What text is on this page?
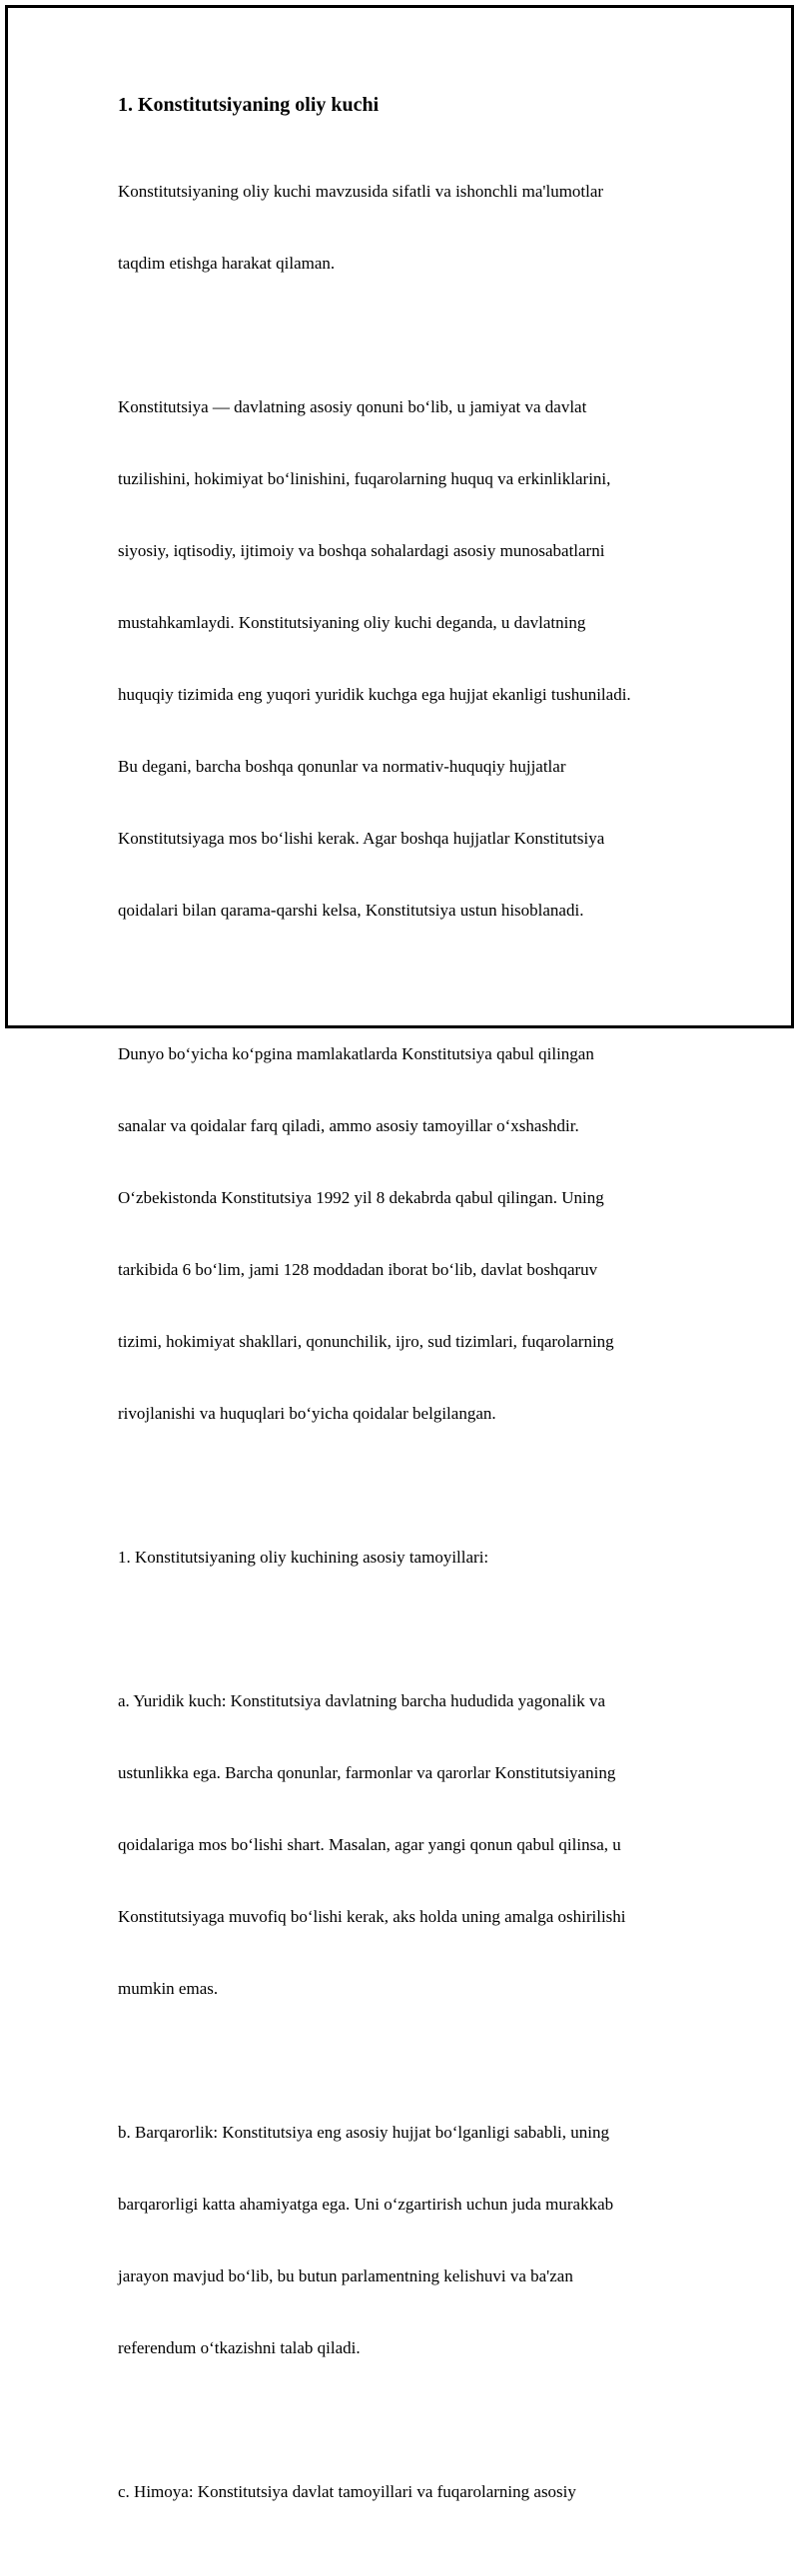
1. Konstitutsiyaning oliy kuchi

Konstitutsiyaning oliy kuchi mavzusida sifatli va ishonchli ma'lumotlar

taqdim etishga harakat qilaman.

Konstitutsiya — davlatning asosiy qonuni bo‘lib, u jamiyat va davlat

tuzilishini, hokimiyat bo‘linishini, fuqarolarning huquq va erkinliklarini,

siyosiy, iqtisodiy, ijtimoiy va boshqa sohalardagi asosiy munosabatlarni

mustahkamlaydi. Konstitutsiyaning oliy kuchi deganda, u davlatning

huquqiy tizimida eng yuqori yuridik kuchga ega hujjat ekanligi tushuniladi.

Bu degani, barcha boshqa qonunlar va normativ-huquqiy hujjatlar

Konstitutsiyaga mos bo‘lishi kerak. Agar boshqa hujjatlar Konstitutsiya

qoidalari bilan qarama-qarshi kelsa, Konstitutsiya ustun hisoblanadi.

Dunyo bo‘yicha ko‘pgina mamlakatlarda Konstitutsiya qabul qilingan

sanalar va qoidalar farq qiladi, ammo asosiy tamoyillar o‘xshashdir.

O‘zbekistonda Konstitutsiya 1992 yil 8 dekabrda qabul qilingan. Uning

tarkibida 6 bo‘lim, jami 128 moddadan iborat bo‘lib, davlat boshqaruv

tizimi, hokimiyat shakllari, qonunchilik, ijro, sud tizimlari, fuqarolarning

rivojlanishi va huquqlari bo‘yicha qoidalar belgilangan.

1. Konstitutsiyaning oliy kuchining asosiy tamoyillari:

a. Yuridik kuch: Konstitutsiya davlatning barcha hududida yagonalik va

ustunlikka ega. Barcha qonunlar, farmonlar va qarorlar Konstitutsiyaning

qoidalariga mos bo‘lishi shart. Masalan, agar yangi qonun qabul qilinsa, u

Konstitutsiyaga muvofiq bo‘lishi kerak, aks holda uning amalga oshirilishi

mumkin emas.

b. Barqarorlik: Konstitutsiya eng asosiy hujjat bo‘lganligi sababli, uning

barqarorligi katta ahamiyatga ega. Uni o‘zgartirish uchun juda murakkab

jarayon mavjud bo‘lib, bu butun parlamentning kelishuvi va ba'zan

referendum o‘tkazishni talab qiladi.

c. Himoya: Konstitutsiya davlat tamoyillari va fuqarolarning asosiy
